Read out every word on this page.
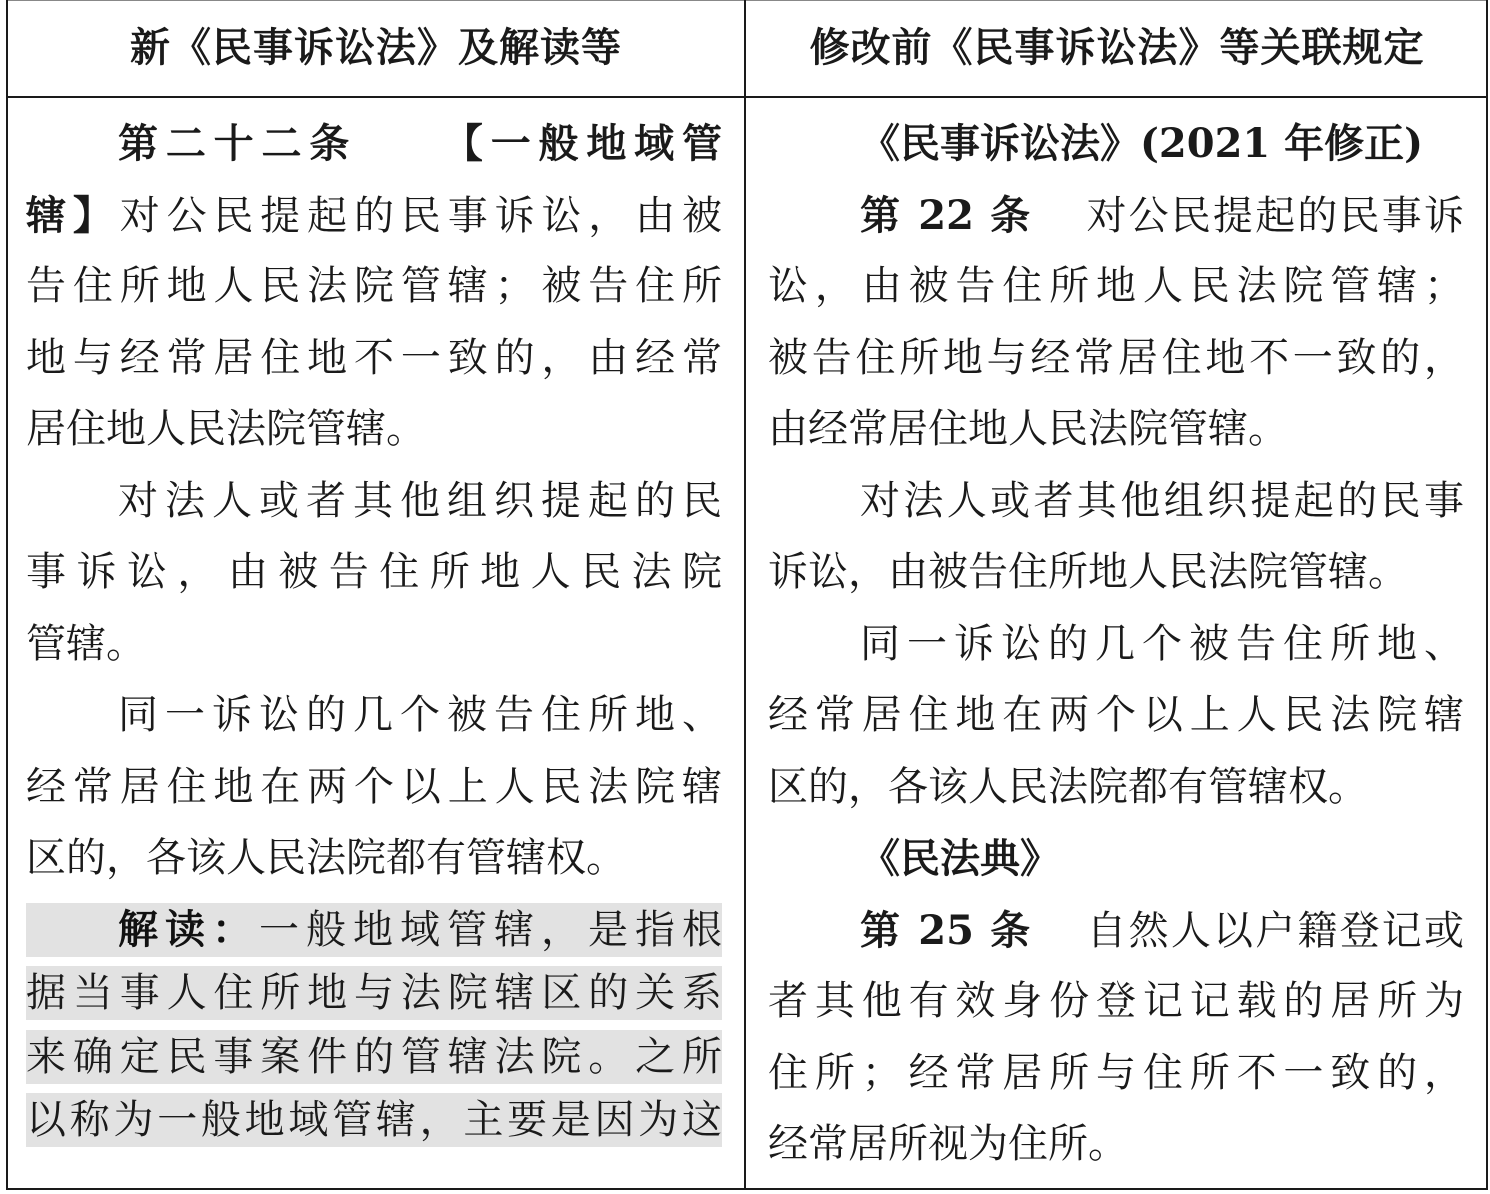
新《民事诉讼法》及解读等	修改前《民事诉讼法》等关联规定
第二十二条 【一般地域管
辖】对公民提起的民事诉讼，由被
告住所地人民法院管辖；被告住所
地与经常居住地不一致的，由经常
居住地人民法院管辖。
对法人或者其他组织提起的民
事诉讼，由被告住所地人民法院
管辖。
同一诉讼的几个被告住所地、
经常居住地在两个以上人民法院辖
区的，各该人民法院都有管辖权。
解读：一般地域管辖，是指根
据当事人住所地与法院辖区的关系
来确定民事案件的管辖法院。之所
以称为一般地域管辖，主要是因为这
《民事诉讼法》(2021 年修正)
第 22 条 对公民提起的民事诉
讼，由被告住所地人民法院管辖；
被告住所地与经常居住地不一致的，
由经常居住地人民法院管辖。
对法人或者其他组织提起的民事
诉讼，由被告住所地人民法院管辖。
同一诉讼的几个被告住所地、
经常居住地在两个以上人民法院辖
区的，各该人民法院都有管辖权。
《民法典》
第 25 条 自然人以户籍登记或
者其他有效身份登记记载的居所为
住所；经常居所与住所不一致的，
经常居所视为住所。
